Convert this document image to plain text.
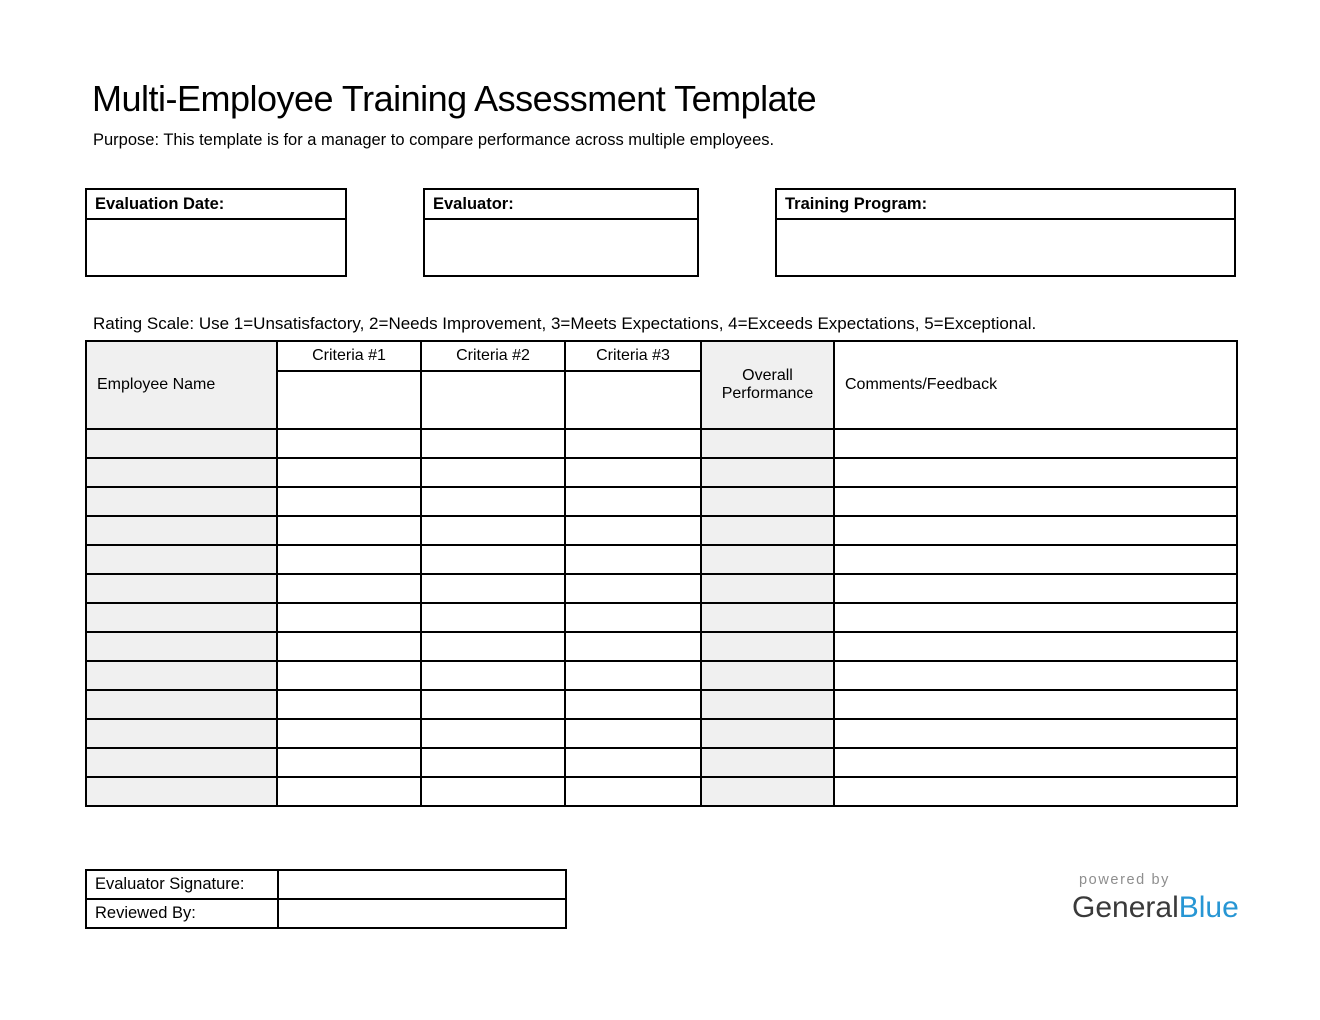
Multi-Employee Training Assessment Template

Purpose: This template is for a manager to compare performance across multiple employees.

Evaluation Date:	Evaluator:	Training Program:

Rating Scale: Use 1=Unsatisfactory, 2=Needs Improvement, 3=Meets Expectations, 4=Exceeds Expectations, 5=Exceptional.

Employee Name	Criteria #1	Criteria #2	Criteria #3	Overall Performance	Comments/Feedback

Evaluator Signature:	
Reviewed By:	
powered by
GeneralBlue
